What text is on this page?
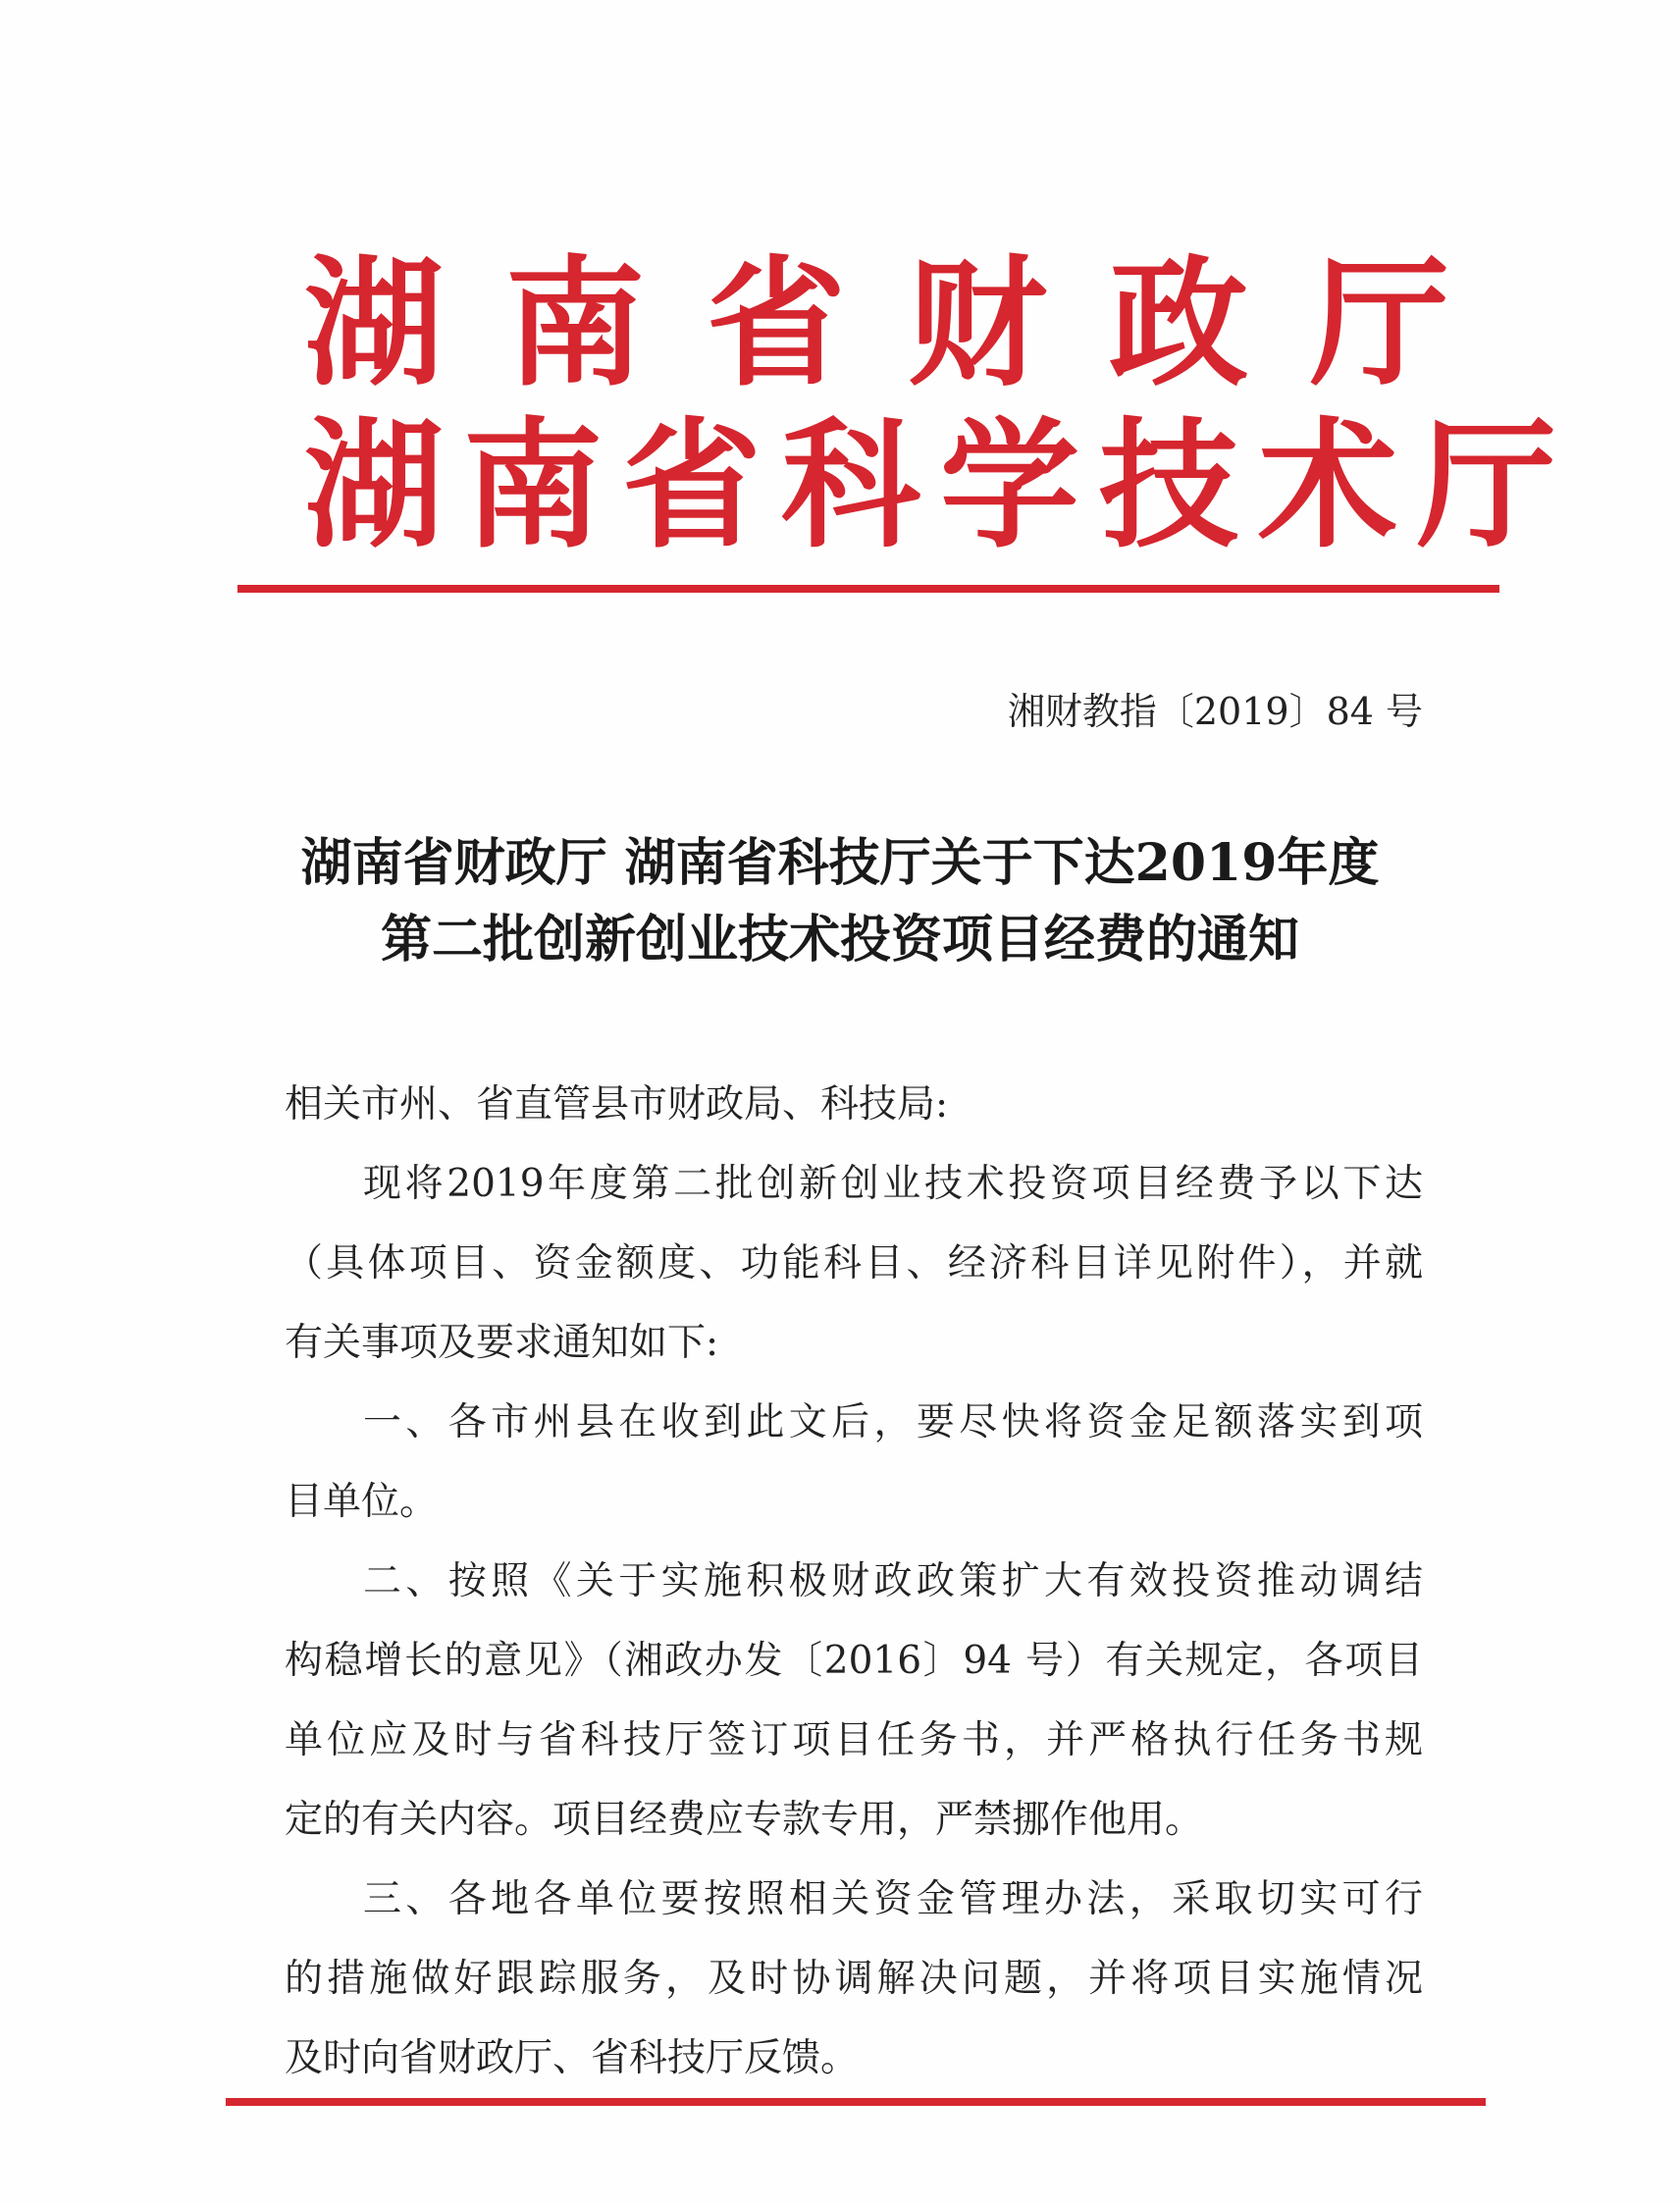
湖南省财政厅
湖南省科学技术厅
湘财教指〔2019〕84 号
湖南省财政厅 湖南省科技厅关于下达2019年度
第二批创新创业技术投资项目经费的通知
相关市州、省直管县市财政局、科技局:
现将2019年度第二批创新创业技术投资项目经费予以下达
（具体项目、资金额度、功能科目、经济科目详见附件），并就
有关事项及要求通知如下:
一、各市州县在收到此文后，要尽快将资金足额落实到项
目单位。
二、按照《关于实施积极财政政策扩大有效投资推动调结
构稳增长的意见》（湘政办发〔2016〕94 号）有关规定，各项目
单位应及时与省科技厅签订项目任务书，并严格执行任务书规
定的有关内容。项目经费应专款专用，严禁挪作他用。
三、各地各单位要按照相关资金管理办法，采取切实可行
的措施做好跟踪服务，及时协调解决问题，并将项目实施情况
及时向省财政厅、省科技厅反馈。
